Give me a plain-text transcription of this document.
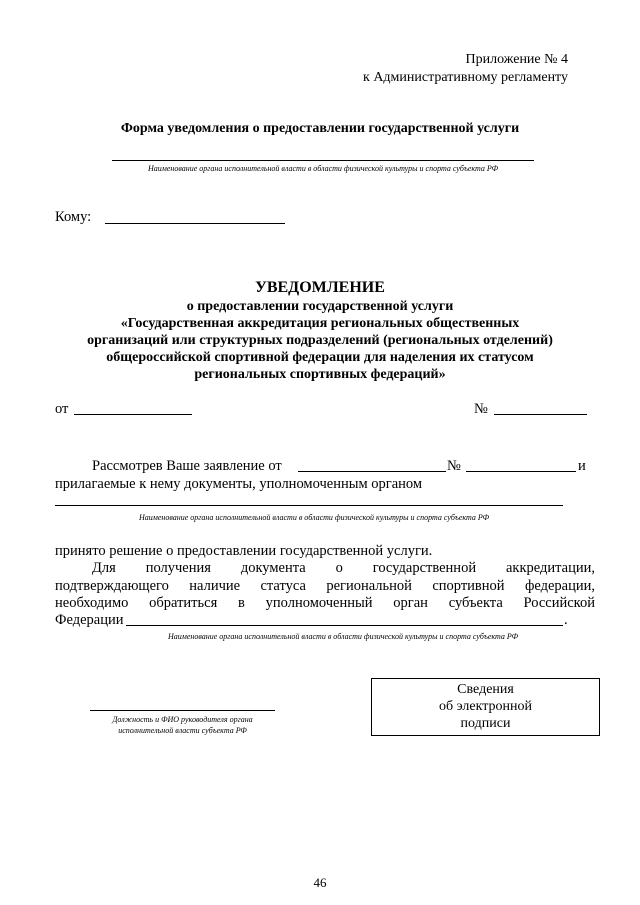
Приложение № 4
к Административному регламенту
Форма уведомления о предоставлении государственной услуги
Наименование органа исполнительной власти в области физической культуры и спорта субъекта РФ
Кому:
УВЕДОМЛЕНИЕ
о предоставлении государственной услуги
«Государственная аккредитация региональных общественных
организаций или структурных подразделений (региональных отделений)
общероссийской спортивной федерации для наделения их статусом
региональных спортивных федераций»
от	№
Рассмотрев Ваше заявление от	№	и
прилагаемые к нему документы, уполномоченным органом
Наименование органа исполнительной власти в области физической культуры и спорта субъекта РФ
принято решение о предоставлении государственной услуги.
Для получения документа о государственной аккредитации,
подтверждающего наличие статуса региональной спортивной федерации,
необходимо обратиться в уполномоченный орган субъекта Российской
Федерации	.
Наименование органа исполнительной власти в области физической культуры и спорта субъекта РФ
Должность и ФИО руководителя органа
исполнительной власти субъекта РФ
Сведения
об электронной
подписи
46
